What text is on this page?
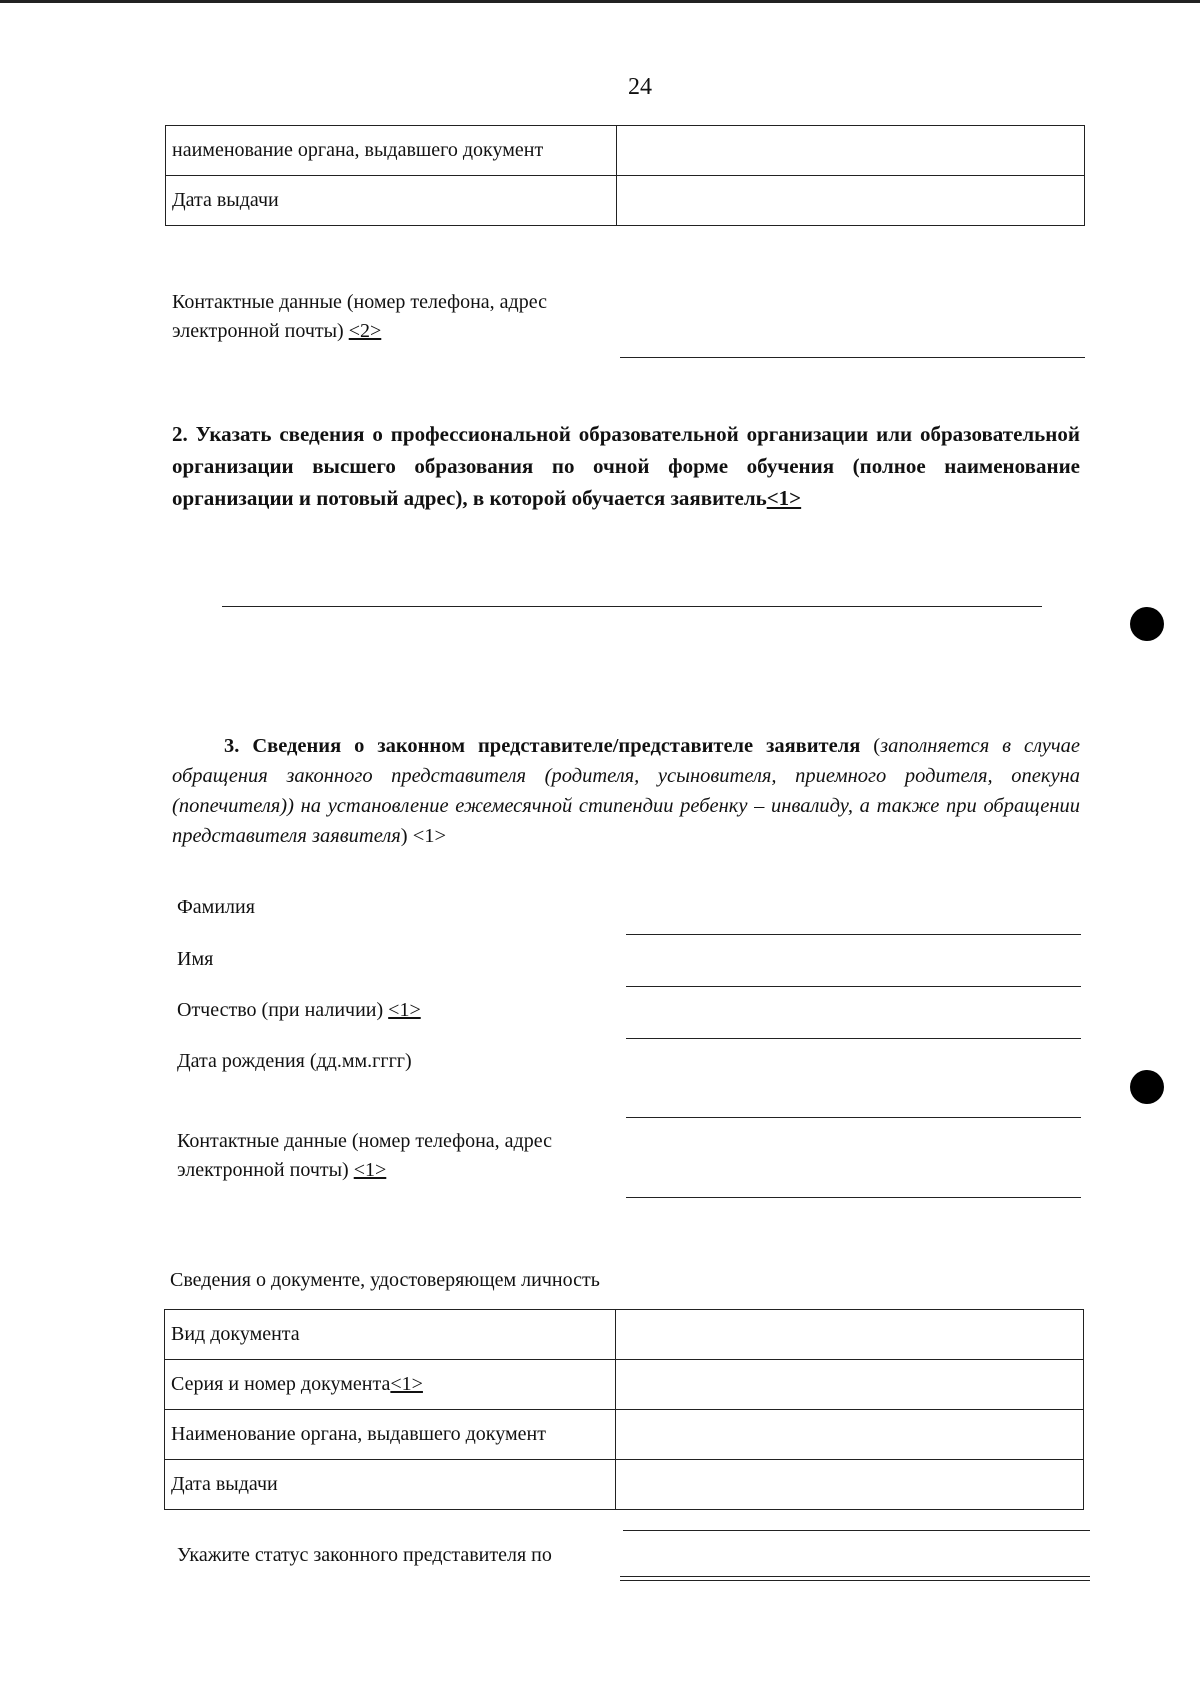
24
наименование органа, выдавшего документ	
Дата выдачи	
Контактные данные (номер телефона, адрес
электронной почты) <2>
2. Указать сведения о профессиональной образовательной организации или образовательной организации высшего образования по очной форме обучения (полное наименование организации и потовый адрес), в которой обучается заявитель<1>
3. Сведения о законном представителе/представителе заявителя (заполняется в случае обращения законного представителя (родителя, усыновителя, приемного родителя, опекуна (попечителя)) на установление ежемесячной стипендии ребенку – инвалиду, а также при обращении представителя заявителя) <1>
Фамилия
Имя
Отчество (при наличии) <1>
Дата рождения (дд.мм.гггг)
Контактные данные (номер телефона, адрес
электронной почты) <1>
Сведения о документе, удостоверяющем личность
Вид документа	
Серия и номер документа<1>	
Наименование органа, выдавшего документ	
Дата выдачи	
Укажите статус законного представителя по
